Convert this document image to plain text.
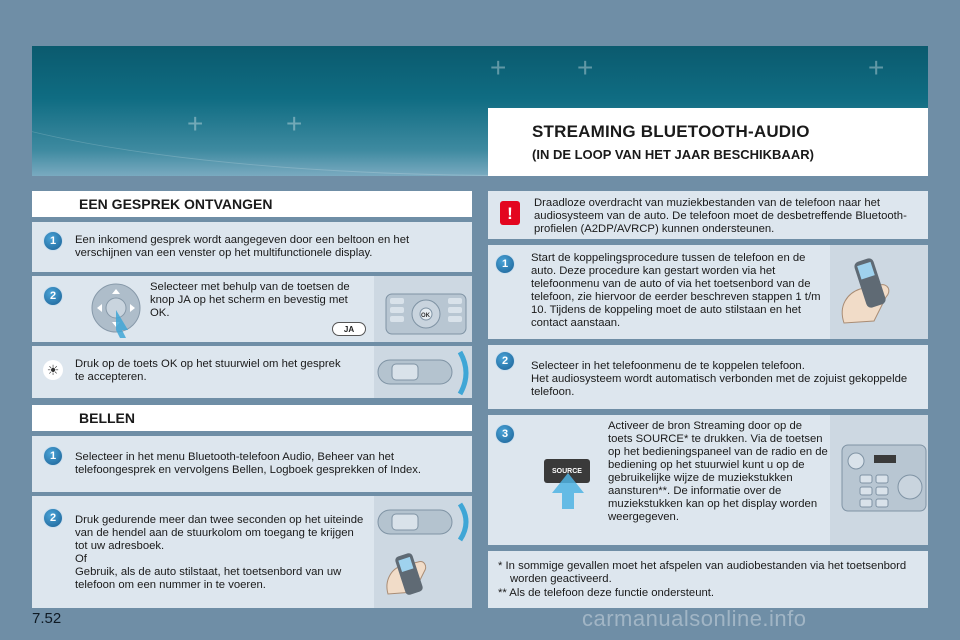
+	+	+
+	+	STREAMING BLUETOOTH-AUDIO
(IN DE LOOP VAN HET JAAR BESCHIKBAAR)
EEN GESPREK ONTVANGEN
1	Een inkomend gesprek wordt aangegeven door een beltoon en het verschijnen van een venster op het multifunctionele display.
2
Selecteer met behulp van de toetsen de knop JA op het scherm en bevestig met OK.
JA
OK
☀	Druk op de toets OK op het stuurwiel om het gesprek te accepteren.
BELLEN
1	Selecteer in het menu Bluetooth-telefoon Audio, Beheer van het telefoongesprek en vervolgens Bellen, Logboek gesprekken of Index.
2	Druk gedurende meer dan twee seconden op het uiteinde van de hendel aan de stuurkolom om toegang te krijgen tot uw adresboek.
Of
Gebruik, als de auto stilstaat, het toetsenbord van uw telefoon om een nummer in te voeren.
!
Draadloze overdracht van muziekbestanden van de telefoon naar het audiosysteem van de auto. De telefoon moet de desbetreffende Bluetooth-profielen (A2DP/AVRCP) kunnen ondersteunen.
1	Start de koppelingsprocedure tussen de telefoon en de auto. Deze procedure kan gestart worden via het telefoonmenu van de auto of via het toetsenbord van de telefoon, zie hiervoor de eerder beschreven stappen 1 t/m 10. Tijdens de koppeling moet de auto stilstaan en het contact aanstaan.
2	Selecteer in het telefoonmenu de te koppelen telefoon.
Het audiosysteem wordt automatisch verbonden met de zojuist gekoppelde telefoon.
3
SOURCE
Activeer de bron Streaming door op de toets SOURCE* te drukken. Via de toetsen op het bedieningspaneel van de radio en de bediening op het stuurwiel kunt u op de gebruikelijke wijze de muziekstukken aansturen**. De informatie over de muziekstukken kan op het display worden weergegeven.
* In sommige gevallen moet het afspelen van audiobestanden via het toetsenbord worden geactiveerd.
** Als de telefoon deze functie ondersteunt.
7.52	carmanualsonline.info
